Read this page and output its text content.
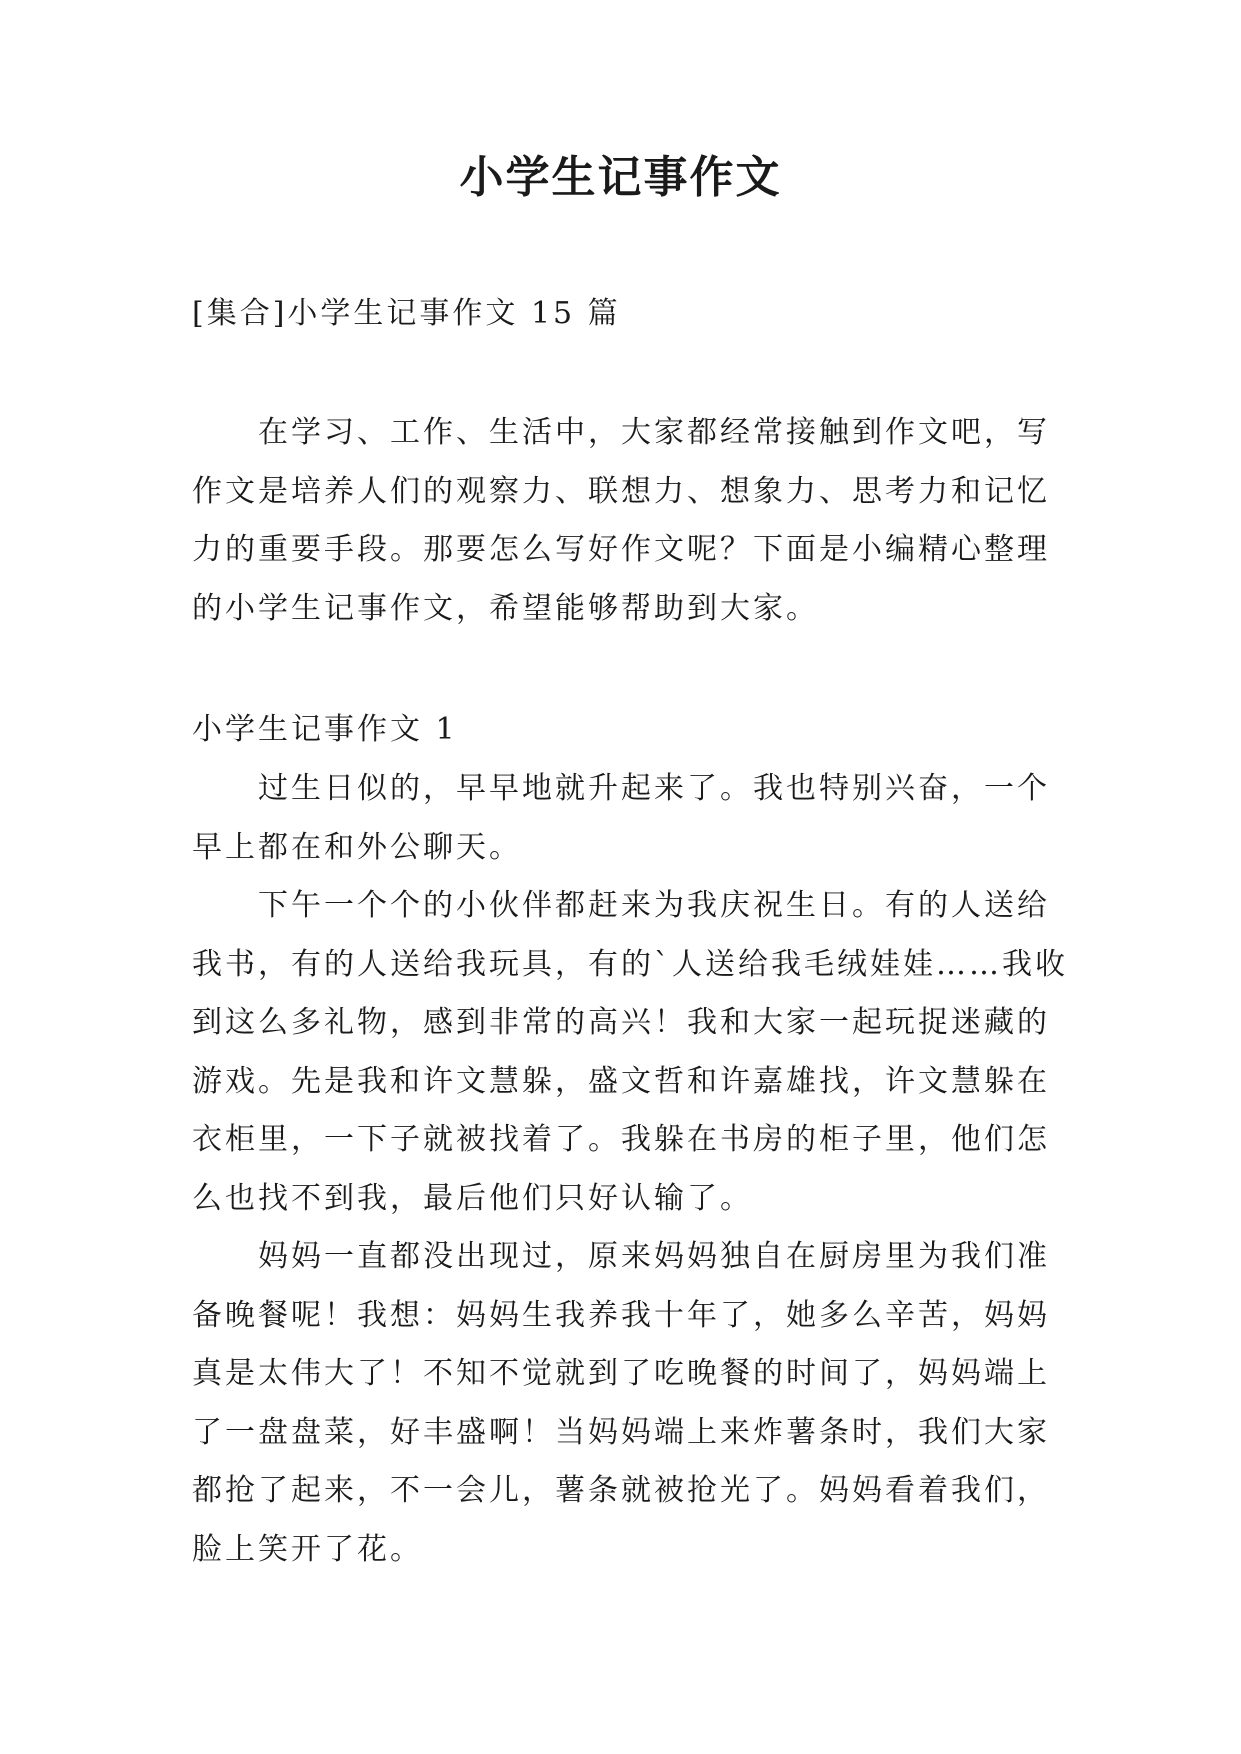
小学生记事作文

[集合]小学生记事作文 15 篇

在学习、工作、生活中，大家都经常接触到作文吧，写作文是培养人们的观察力、联想力、想象力、思考力和记忆力的重要手段。那要怎么写好作文呢？下面是小编精心整理的小学生记事作文，希望能够帮助到大家。

小学生记事作文 1

过生日似的，早早地就升起来了。我也特别兴奋，一个早上都在和外公聊天。

下午一个个的小伙伴都赶来为我庆祝生日。有的人送给我书，有的人送给我玩具，有的`人送给我毛绒娃娃……我收到这么多礼物，感到非常的高兴！我和大家一起玩捉迷藏的游戏。先是我和许文慧躲，盛文哲和许嘉雄找，许文慧躲在衣柜里，一下子就被找着了。我躲在书房的柜子里，他们怎么也找不到我，最后他们只好认输了。

妈妈一直都没出现过，原来妈妈独自在厨房里为我们准备晚餐呢！我想：妈妈生我养我十年了，她多么辛苦，妈妈真是太伟大了！不知不觉就到了吃晚餐的时间了，妈妈端上了一盘盘菜，好丰盛啊！当妈妈端上来炸薯条时，我们大家都抢了起来，不一会儿，薯条就被抢光了。妈妈看着我们，脸上笑开了花。
